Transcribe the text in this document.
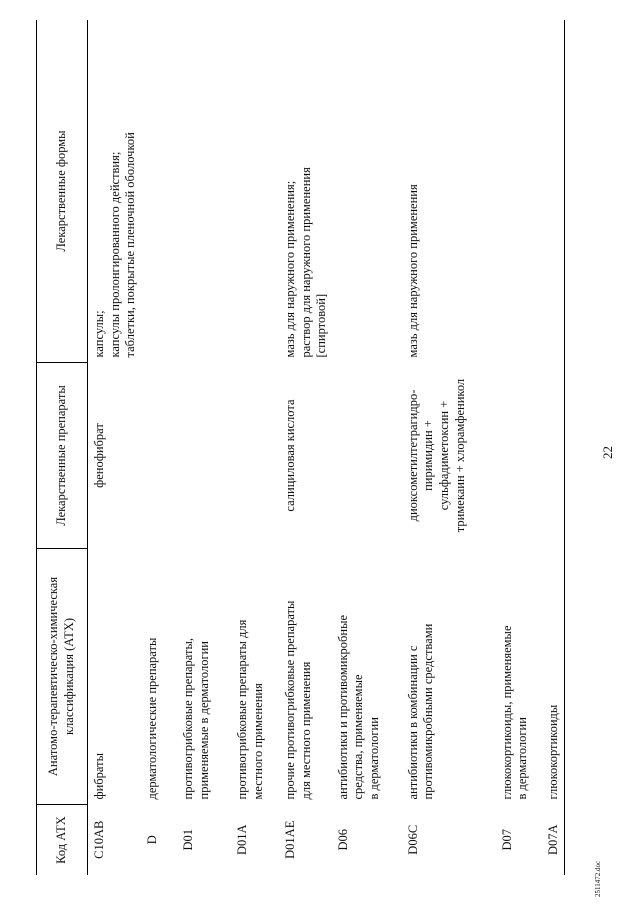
Код АТХ	Анатомо-терапевтическо-химическая классификация (АТХ)	Лекарственные препараты	Лекарственные формы
C10AB	фибраты	фенофибрат	капсулы; капсулы пролонгированного действия; таблетки, покрытые пленочной оболочкой

D	дерматологические препараты		

D01	противогрибковые препараты, применяемые в дерматологии		

D01A	противогрибковые препараты для местного применения		

D01AE	прочие противогрибковые препараты для местного применения	салициловая кислота	мазь для наружного применения; раствор для наружного применения [спиртовой]

D06	антибиотики и противомикробные средства, применяемые в дерматологии		

D06C	антибиотики в комбинации с противомикробными средствами	диоксометилтетрагидро- пиримидин + сульфадиметоксин + тримекаин + хлорамфеникол	мазь для наружного применения

D07	глюкокортикоиды, применяемые в дерматологии		

D07A	глюкокортикоиды		

22
2511472.doc
